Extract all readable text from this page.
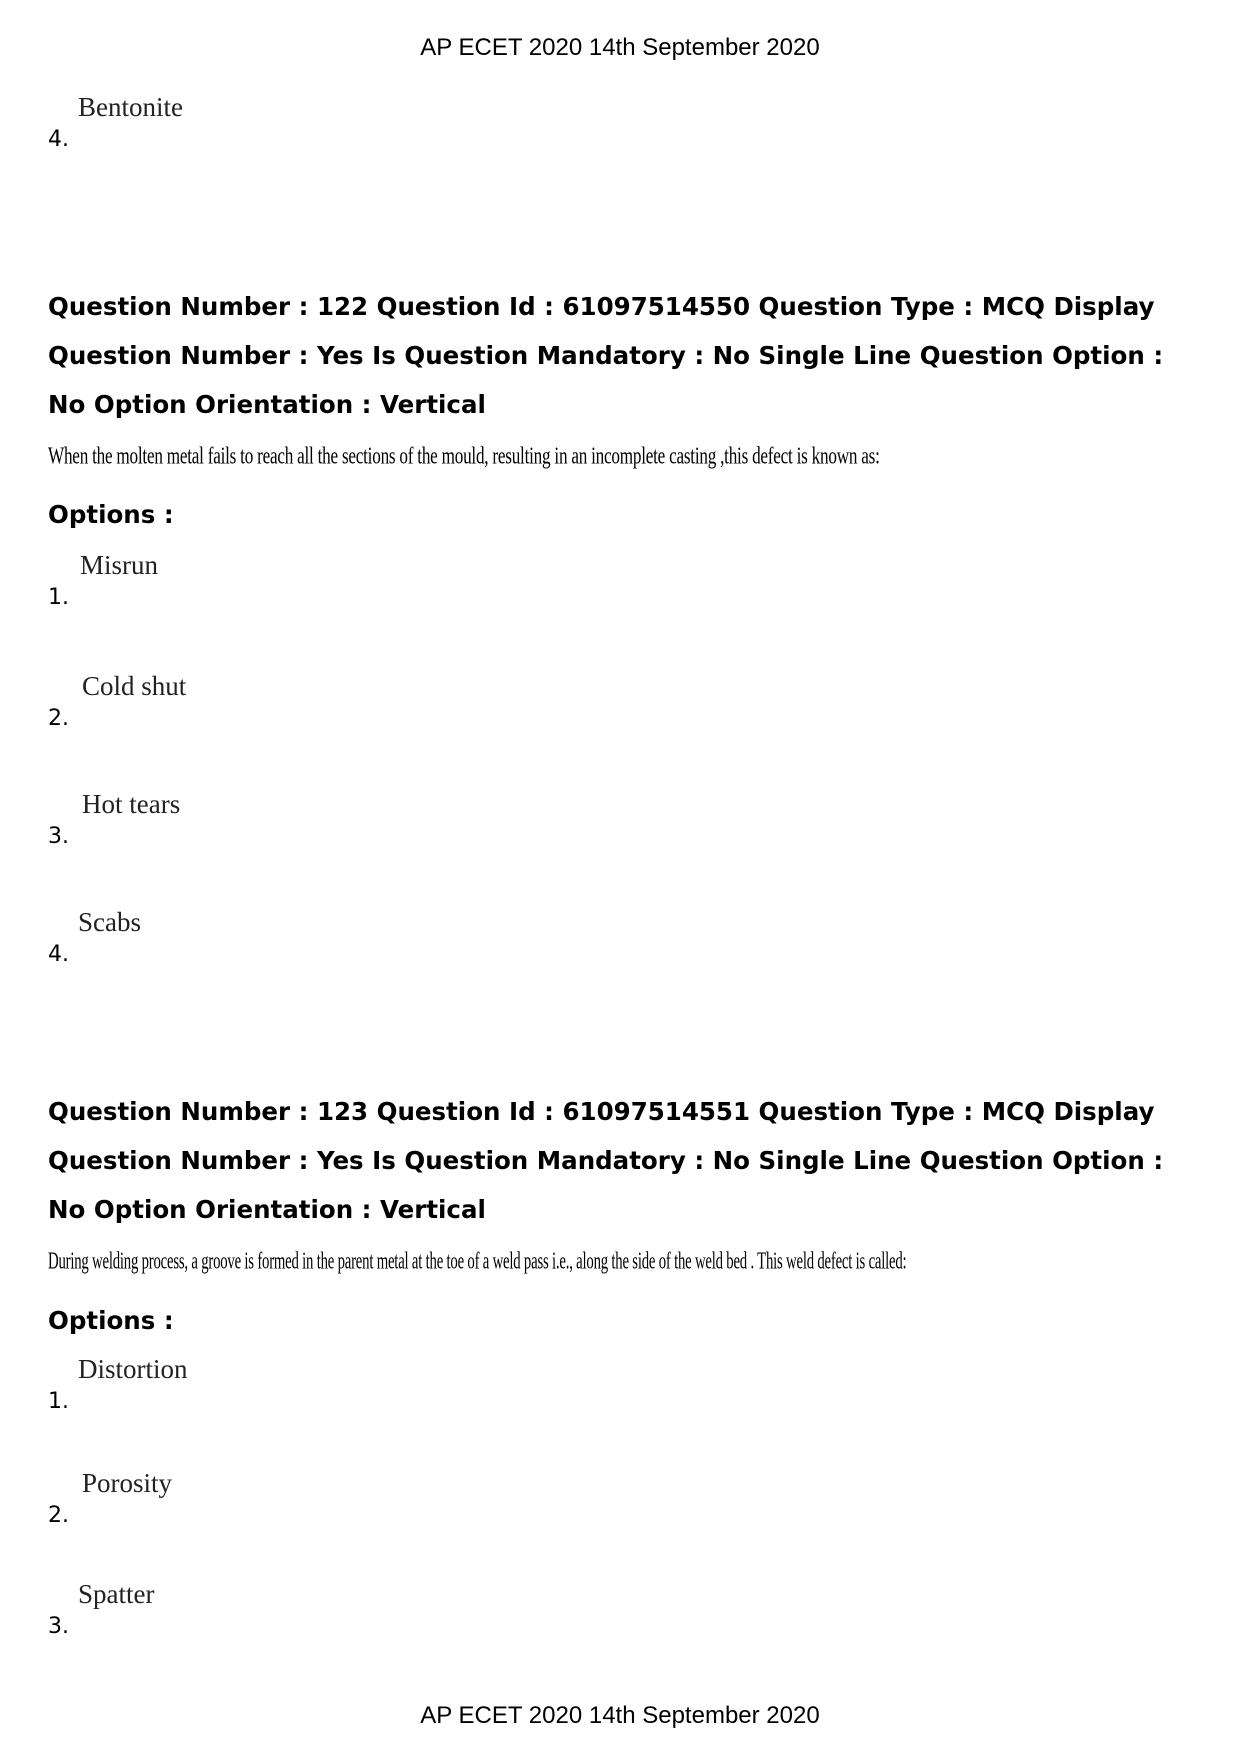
AP ECET 2020 14th September 2020
4.
Bentonite

Question Number : 122 Question Id : 61097514550 Question Type : MCQ Display Question Number : Yes Is Question Mandatory : No Single Line Question Option : No Option Orientation : Vertical

When the molten metal fails to reach all the sections of the mould, resulting in an incomplete casting ,this defect is known as:

Options :
1.
Misrun
2.
Cold shut
3.
Hot tears
4.
Scabs

Question Number : 123 Question Id : 61097514551 Question Type : MCQ Display Question Number : Yes Is Question Mandatory : No Single Line Question Option : No Option Orientation : Vertical

During welding process, a groove is formed in the parent metal at the toe of a weld pass i.e., along the side of the weld bed . This weld defect is called:

Options :
1.
Distortion
2.
Porosity
3.
Spatter
AP ECET 2020 14th September 2020
